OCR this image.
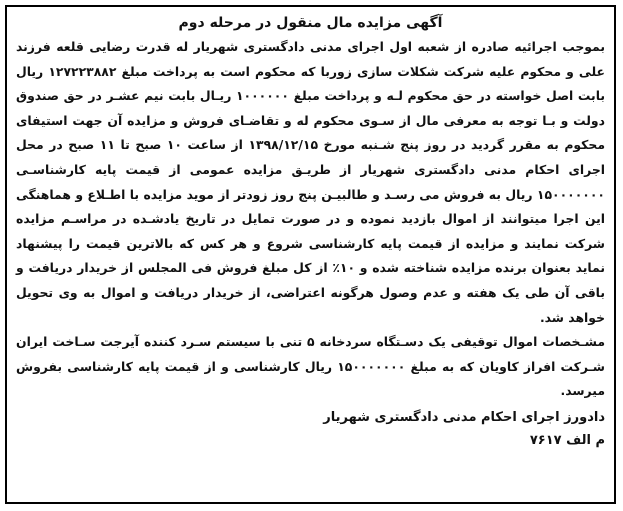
آگهی مزایده مال منقول در مرحله دوم

بموجب اجرائیه صادره از شعبه اول اجرای مدنی دادگستری شهریار له قدرت رضایی قلعه فرزند علی و محکوم علیه شرکت شکلات سازی زوربا که محکوم است به پرداخت مبلغ ۱۲۷۲۲۳۸۸۲ ریال بابت اصل خواسته در حق محکوم لـه و پرداخت مبلغ ۱۰۰۰۰۰۰ ریـال بابت نیم عشـر در حق صندوق دولت و بـا توجه به معرفی مال از سـوی محکوم له و تقاضـای فروش و مزایده آن جهت استیفای محکوم به مقرر گردید در روز پنج شـنبه مورخ ۱۳۹۸/۱۲/۱۵ از ساعت ۱۰ صبح تا ۱۱ صبح در محل اجرای احکام مدنی دادگستری شهریار از طریـق مزایده عمومی از قیمت پایه کارشناسـی ۱۵۰۰۰۰۰۰۰ ریال به فروش می رسـد و طالبیـن پنج روز زودتر از موید مزایده با اطـلاع و هماهنگی این اجرا میتوانند از اموال بازدید نموده و در صورت تمایل در تاریخ یادشـده در مراسـم مزایده شرکت نمایند و مزایده از قیمت پایه کارشناسی شروع و هر کس که بالاترین قیمت را پیشنهاد نماید بعنوان برنده مزایده شناخته شده و ۱۰٪ از کل مبلغ فروش فی المجلس از خریدار دریافت و باقی آن طی یک هفته و عدم وصول هرگونه اعتراضی، از خریدار دریافت و اموال به وی تحویل خواهد شد.

مشـخصات اموال توقیفی یک دسـتگاه سردخانه ۵ تنی با سیستم سـرد کننده آیرجت سـاخت ایران شـرکت افراز کاویان که به مبلغ ۱۵۰۰۰۰۰۰۰ ریال کارشناسی و از قیمت پایه کارشناسی بفروش میرسد.

دادورز اجرای احکام مدنی دادگستری شهریار
م الف ۷۶۱۷
